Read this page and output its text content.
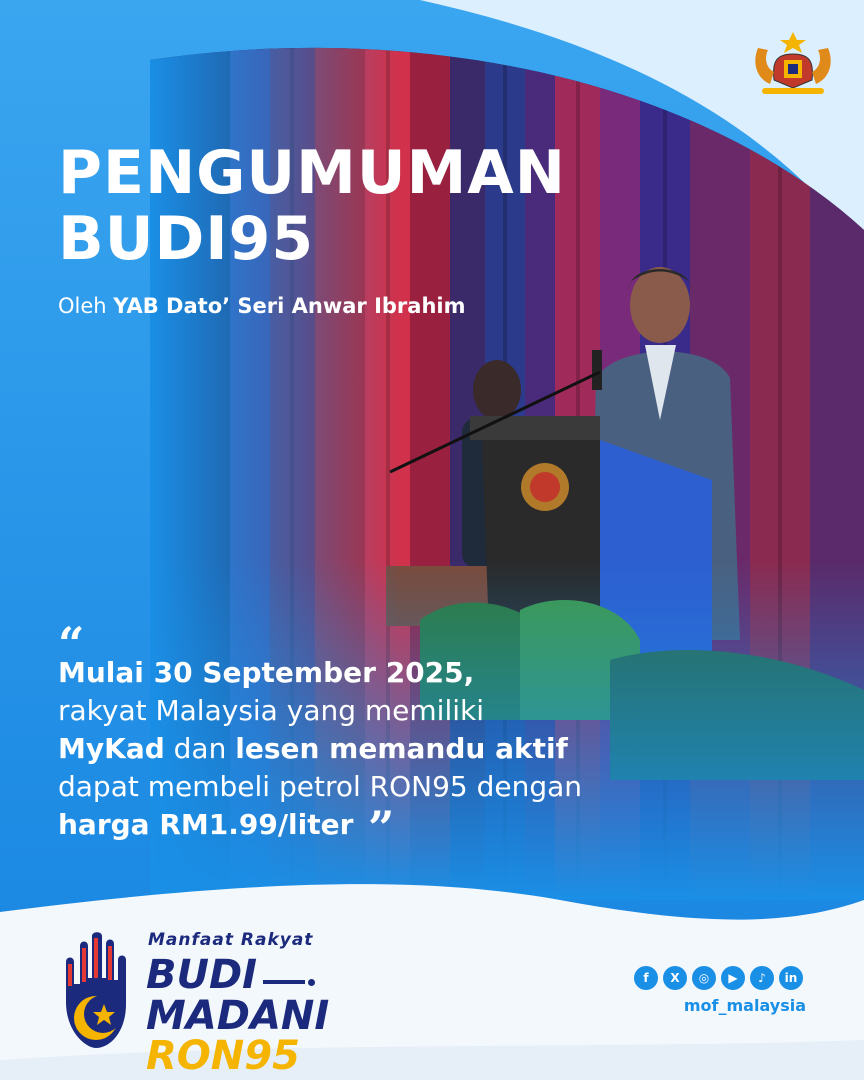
PENGUMUMAN
BUDI95
Oleh YAB Dato’ Seri Anwar Ibrahim
“
Mulai 30 September 2025,
rakyat Malaysia yang memiliki
MyKad dan lesen memandu aktif
dapat membeli petrol RON95 dengan
harga RM1.99/liter ”
Manfaat Rakyat
BUDI
MADANI
RON95
f	X	◎	▶	♪	in
mof_malaysia
